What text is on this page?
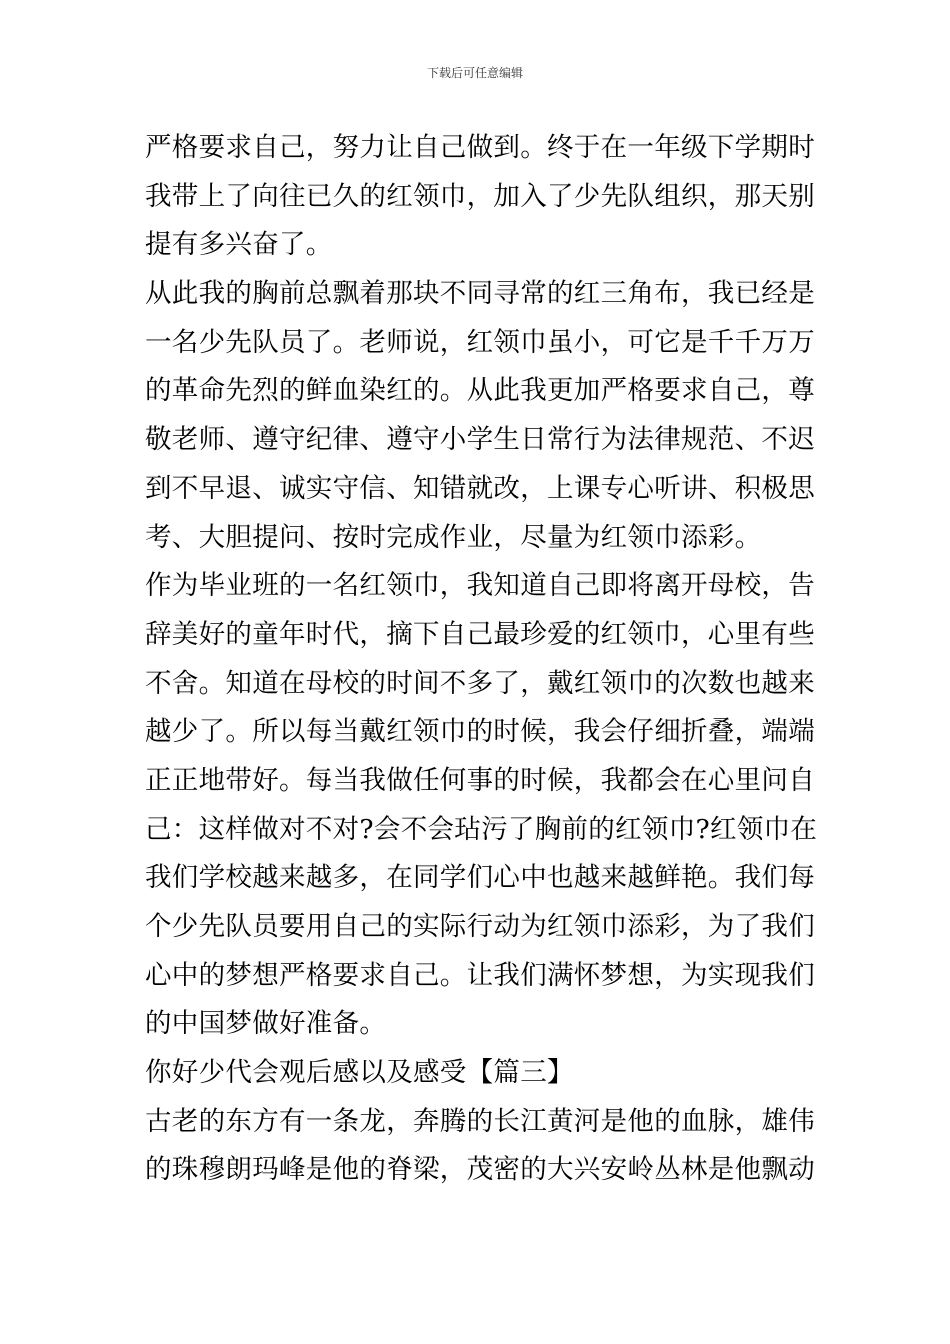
下载后可任意编辑
严格要求自己，努力让自己做到。终于在一年级下学期时
我带上了向往已久的红领巾，加入了少先队组织，那天别
提有多兴奋了。
从此我的胸前总飘着那块不同寻常的红三角布，我已经是
一名少先队员了。老师说，红领巾虽小，可它是千千万万
的革命先烈的鲜血染红的。从此我更加严格要求自己，尊
敬老师、遵守纪律、遵守小学生日常行为法律规范、不迟
到不早退、诚实守信、知错就改，上课专心听讲、积极思
考、大胆提问、按时完成作业，尽量为红领巾添彩。
作为毕业班的一名红领巾，我知道自己即将离开母校，告
辞美好的童年时代，摘下自己最珍爱的红领巾，心里有些
不舍。知道在母校的时间不多了，戴红领巾的次数也越来
越少了。所以每当戴红领巾的时候，我会仔细折叠，端端
正正地带好。每当我做任何事的时候，我都会在心里问自
己：这样做对不对?会不会玷污了胸前的红领巾?红领巾在
我们学校越来越多，在同学们心中也越来越鲜艳。我们每
个少先队员要用自己的实际行动为红领巾添彩，为了我们
心中的梦想严格要求自己。让我们满怀梦想，为实现我们
的中国梦做好准备。
你好少代会观后感以及感受【篇三】
古老的东方有一条龙，奔腾的长江黄河是他的血脉，雄伟
的珠穆朗玛峰是他的脊梁，茂密的大兴安岭丛林是他飘动
